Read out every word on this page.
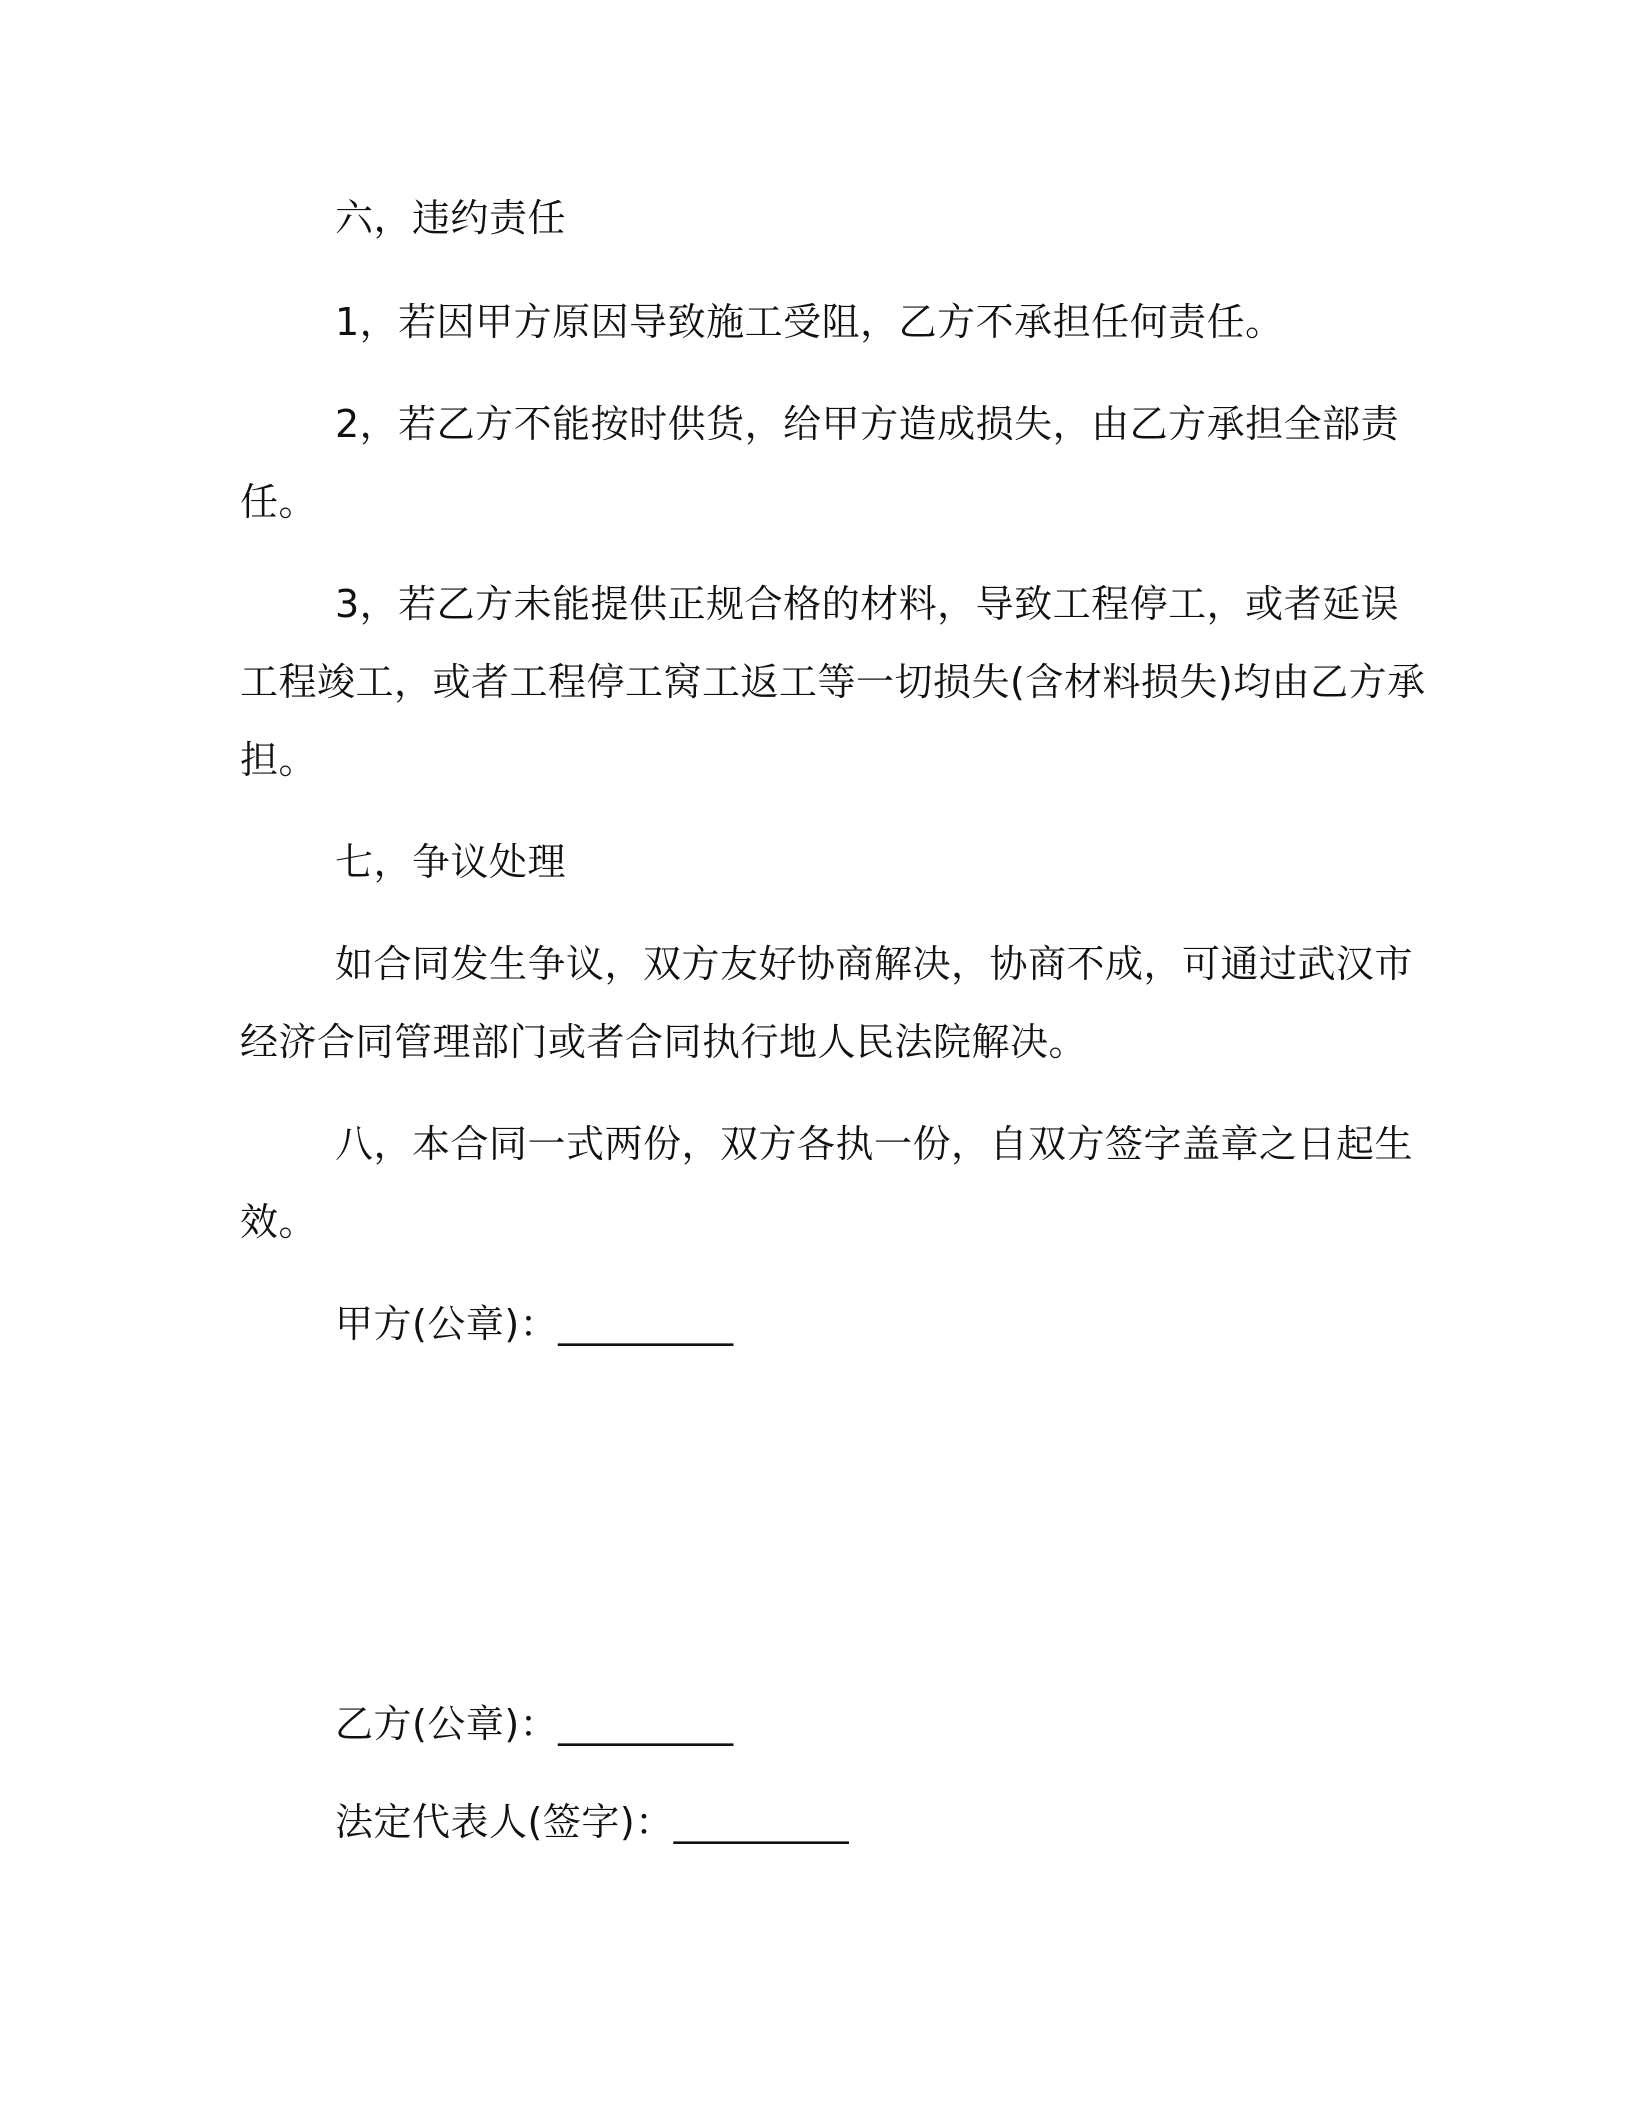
六，违约责任
1，若因甲方原因导致施工受阻，乙方不承担任何责任。
2，若乙方不能按时供货，给甲方造成损失，由乙方承担全部责
任。
3，若乙方未能提供正规合格的材料，导致工程停工，或者延误
工程竣工，或者工程停工窝工返工等一切损失(含材料损失)均由乙方承
担。
七，争议处理
如合同发生争议，双方友好协商解决，协商不成，可通过武汉市
经济合同管理部门或者合同执行地人民法院解决。
八，本合同一式两份，双方各执一份，自双方签字盖章之日起生
效。
甲方(公章)：_________
乙方(公章)：_________
法定代表人(签字)：_________
